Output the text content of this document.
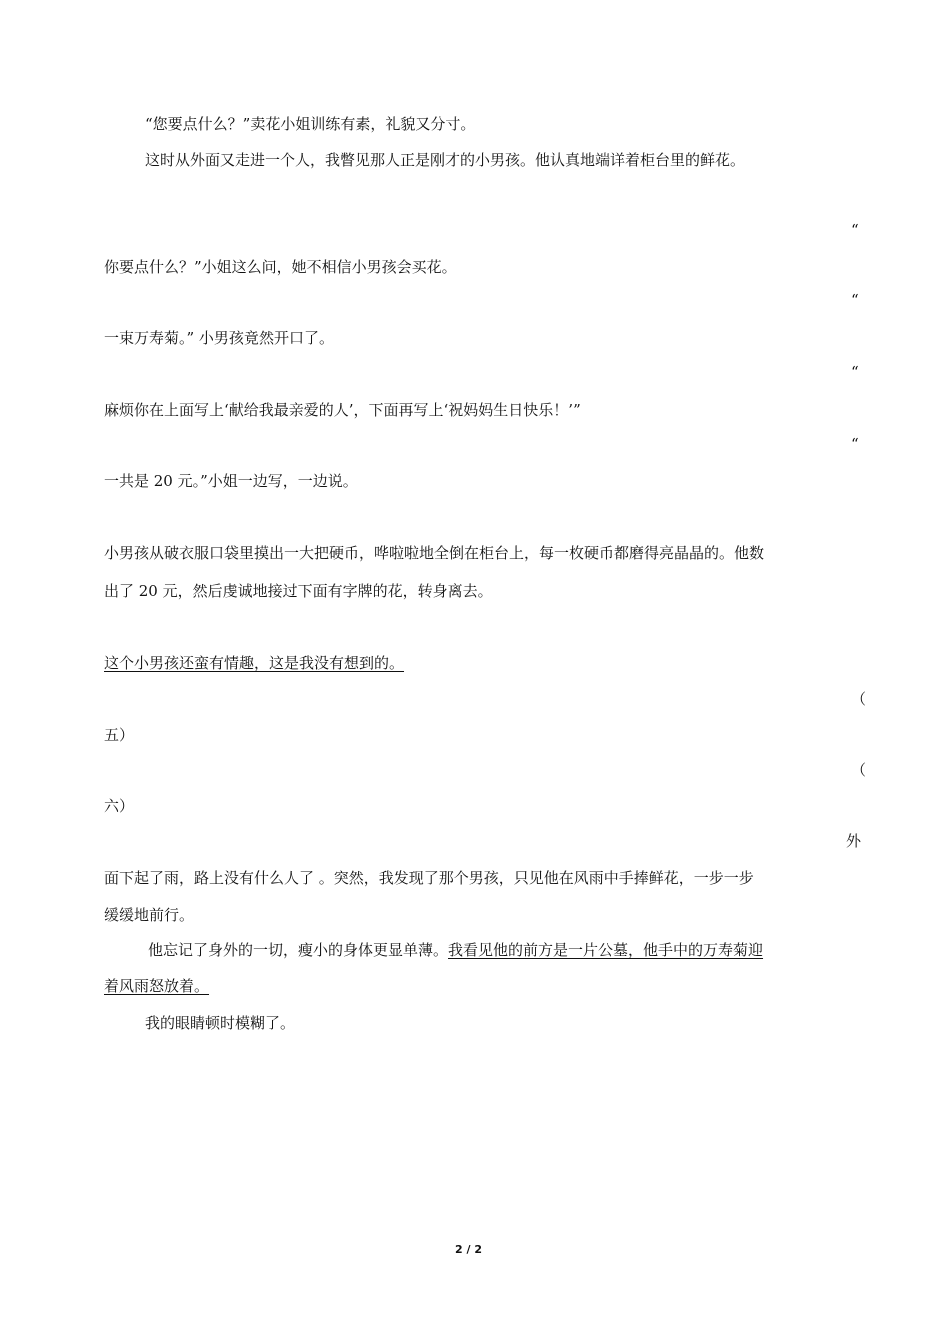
“您要点什么？”卖花小姐训练有素，礼貌又分寸。
这时从外面又走进一个人，我瞥见那人正是刚才的小男孩。他认真地端详着柜台里的鲜花。
“
你要点什么？”小姐这么问，她不相信小男孩会买花。
“
一束万寿菊。” 小男孩竟然开口了。
“
麻烦你在上面写上‘献给我最亲爱的人’，下面再写上‘祝妈妈生日快乐！’”
“
一共是 20 元。”小姐一边写，一边说。
小男孩从破衣服口袋里摸出一大把硬币，哗啦啦地全倒在柜台上，每一枚硬币都磨得亮晶晶的。他数
出了 20 元，然后虔诚地接过下面有字牌的花，转身离去。
这个小男孩还蛮有情趣，这是我没有想到的。
（
五）
（
六）
外
面下起了雨，路上没有什么人了 。突然，我发现了那个男孩，只见他在风雨中手捧鲜花，一步一步
缓缓地前行。
他忘记了身外的一切，瘦小的身体更显单薄。我看见他的前方是一片公墓，他手中的万寿菊迎
着风雨怒放着。
我的眼睛顿时模糊了。
2 / 2
